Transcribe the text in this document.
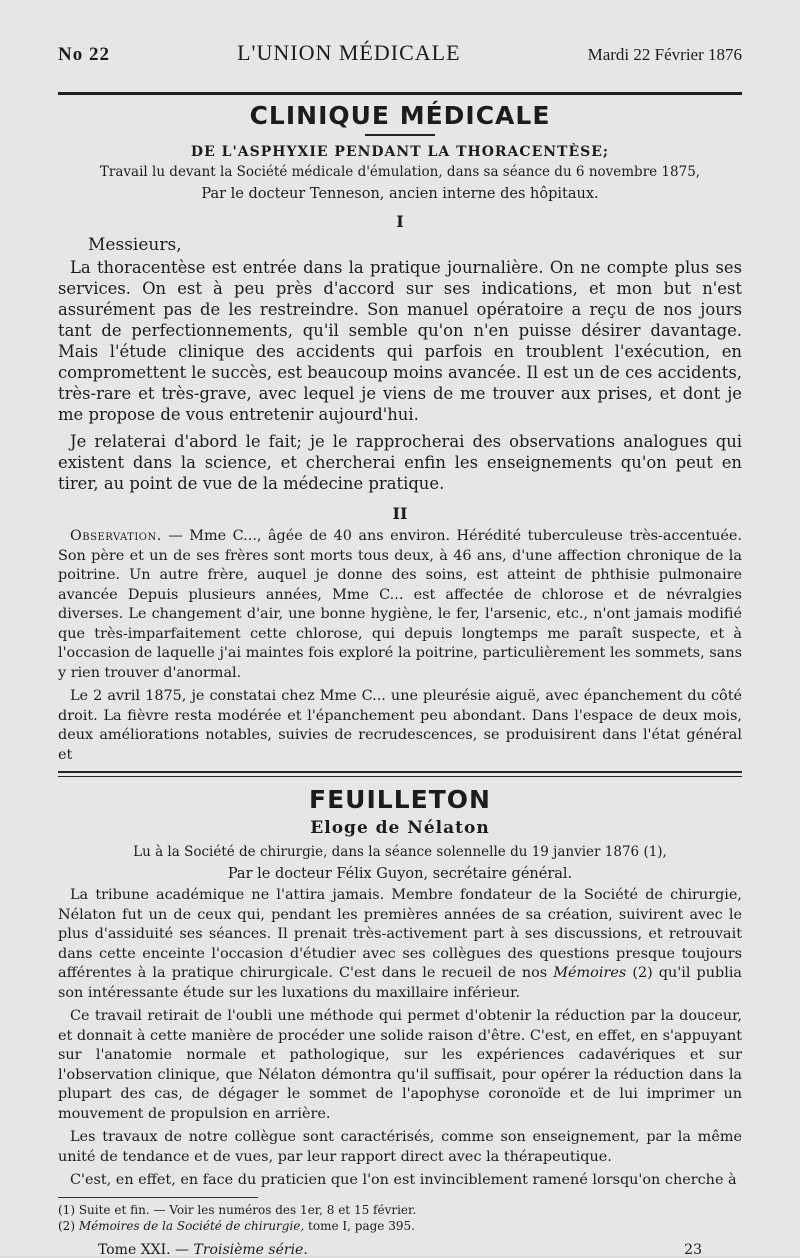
No 22	L'UNION MÉDICALE	Mardi 22 Février 1876
CLINIQUE MÉDICALE
DE L'ASPHYXIE PENDANT LA THORACENTÈSE;
Travail lu devant la Société médicale d'émulation, dans sa séance du 6 novembre 1875,
Par le docteur Tenneson, ancien interne des hôpitaux.
I
Messieurs,

La thoracentèse est entrée dans la pratique journalière. On ne compte plus ses services. On est à peu près d'accord sur ses indications, et mon but n'est assurément pas de les restreindre. Son manuel opératoire a reçu de nos jours tant de perfectionnements, qu'il semble qu'on n'en puisse désirer davantage. Mais l'étude clinique des accidents qui parfois en troublent l'exécution, en compromettent le succès, est beaucoup moins avancée. Il est un de ces accidents, très-rare et très-grave, avec lequel je viens de me trouver aux prises, et dont je me propose de vous entretenir aujourd'hui.

Je relaterai d'abord le fait; je le rapprocherai des observations analogues qui existent dans la science, et chercherai enfin les enseignements qu'on peut en tirer, au point de vue de la médecine pratique.

II

Observation. — Mme C..., âgée de 40 ans environ. Hérédité tuberculeuse très-accentuée. Son père et un de ses frères sont morts tous deux, à 46 ans, d'une affection chronique de la poitrine. Un autre frère, auquel je donne des soins, est atteint de phthisie pulmonaire avancée Depuis plusieurs années, Mme C... est affectée de chlorose et de névralgies diverses. Le changement d'air, une bonne hygiène, le fer, l'arsenic, etc., n'ont jamais modifié que très-imparfaitement cette chlorose, qui depuis longtemps me paraît suspecte, et à l'occasion de laquelle j'ai maintes fois exploré la poitrine, particulièrement les sommets, sans y rien trouver d'anormal.

Le 2 avril 1875, je constatai chez Mme C... une pleurésie aiguë, avec épanchement du côté droit. La fièvre resta modérée et l'épanchement peu abondant. Dans l'espace de deux mois, deux améliorations notables, suivies de recrudescences, se produisirent dans l'état général et

FEUILLETON
Eloge de Nélaton
Lu à la Société de chirurgie, dans la séance solennelle du 19 janvier 1876 (1),
Par le docteur Félix Guyon, secrétaire général.

La tribune académique ne l'attira jamais. Membre fondateur de la Société de chirurgie, Nélaton fut un de ceux qui, pendant les premières années de sa création, suivirent avec le plus d'assiduité ses séances. Il prenait très-activement part à ses discussions, et retrouvait dans cette enceinte l'occasion d'étudier avec ses collègues des questions presque toujours afférentes à la pratique chirurgicale. C'est dans le recueil de nos Mémoires (2) qu'il publia son intéressante étude sur les luxations du maxillaire inférieur.

Ce travail retirait de l'oubli une méthode qui permet d'obtenir la réduction par la douceur, et donnait à cette manière de procéder une solide raison d'être. C'est, en effet, en s'appuyant sur l'anatomie normale et pathologique, sur les expériences cadavériques et sur l'observation clinique, que Nélaton démontra qu'il suffisait, pour opérer la réduction dans la plupart des cas, de dégager le sommet de l'apophyse coronoïde et de lui imprimer un mouvement de propulsion en arrière.

Les travaux de notre collègue sont caractérisés, comme son enseignement, par la même unité de tendance et de vues, par leur rapport direct avec la thérapeutique.

C'est, en effet, en face du praticien que l'on est invinciblement ramené lorsqu'on cherche à

(1) Suite et fin. — Voir les numéros des 1er, 8 et 15 février.
(2) Mémoires de la Société de chirurgie, tome I, page 395.
Tome XXI. — Troisième série.	23
